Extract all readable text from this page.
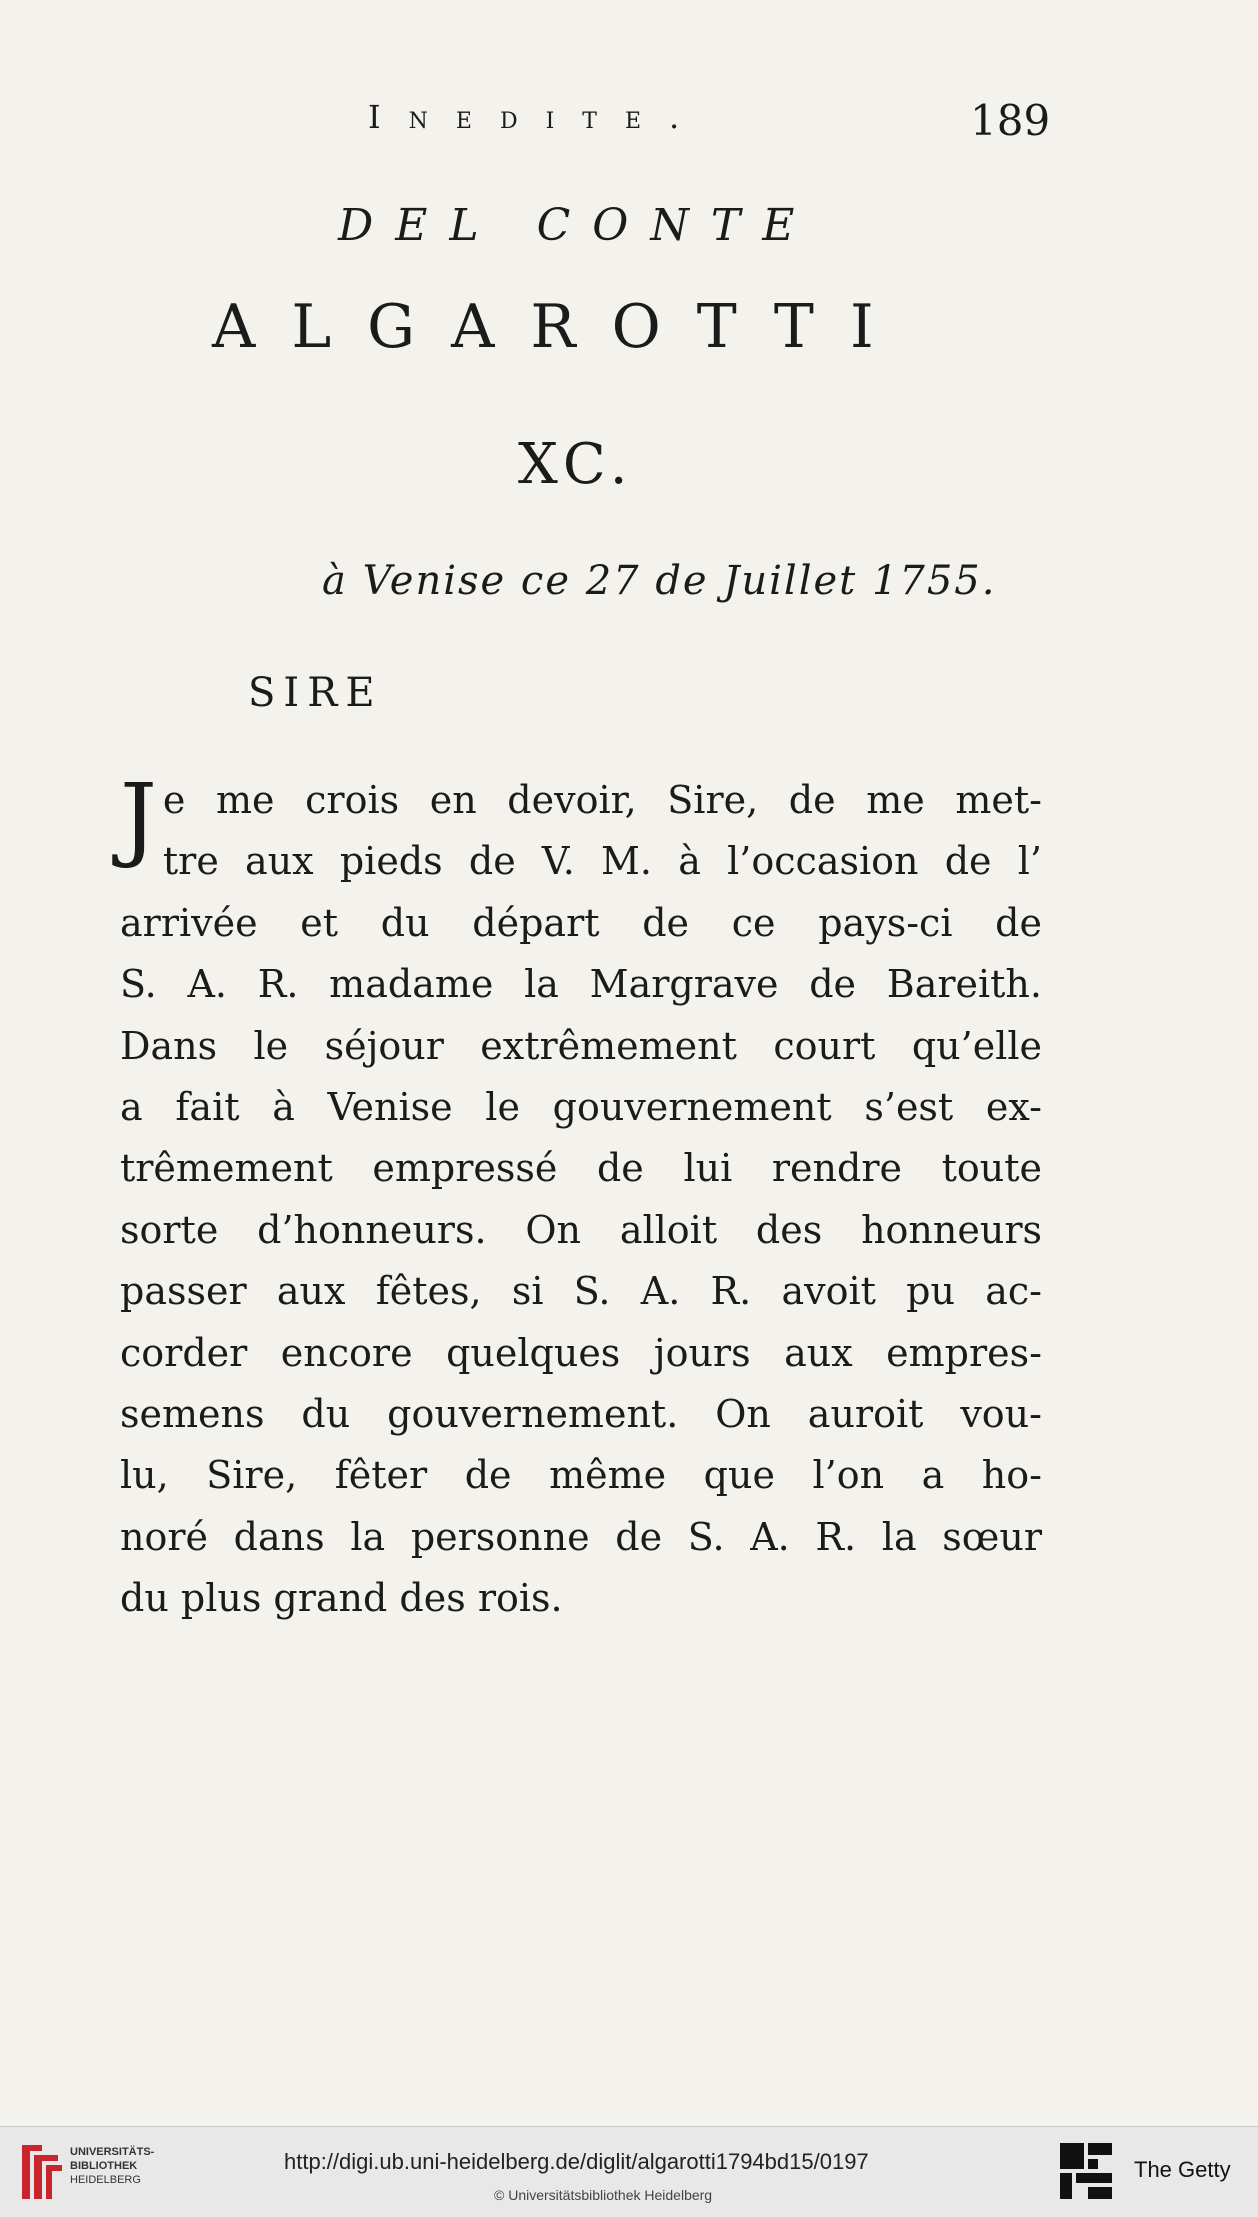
Inedite.	189
DEL CONTE
ALGAROTTI
XC.
à Venise ce 27 de Juillet 1755.
SIRE
J e me crois en devoir, Sire, de me met-
tre aux pieds de V. M. à l’occasion de l’
arrivée et du départ de ce pays-ci de
S. A. R. madame la Margrave de Bareith.
Dans le séjour extrêmement court qu’elle
a fait à Venise le gouvernement s’est ex-
trêmement empressé de lui rendre toute
sorte d’honneurs. On alloit des honneurs
passer aux fêtes, si S. A. R. avoit pu ac-
corder encore quelques jours aux empres-
semens du gouvernement. On auroit vou-
lu, Sire, fêter de même que l’on a ho-
noré dans la personne de S. A. R. la sœur
du plus grand des rois.
UNIVERSITÄTS-
BIBLIOTHEK
HEIDELBERG
http://digi.ub.uni-heidelberg.de/diglit/algarotti1794bd15/0197
© Universitätsbibliothek Heidelberg
The Getty
